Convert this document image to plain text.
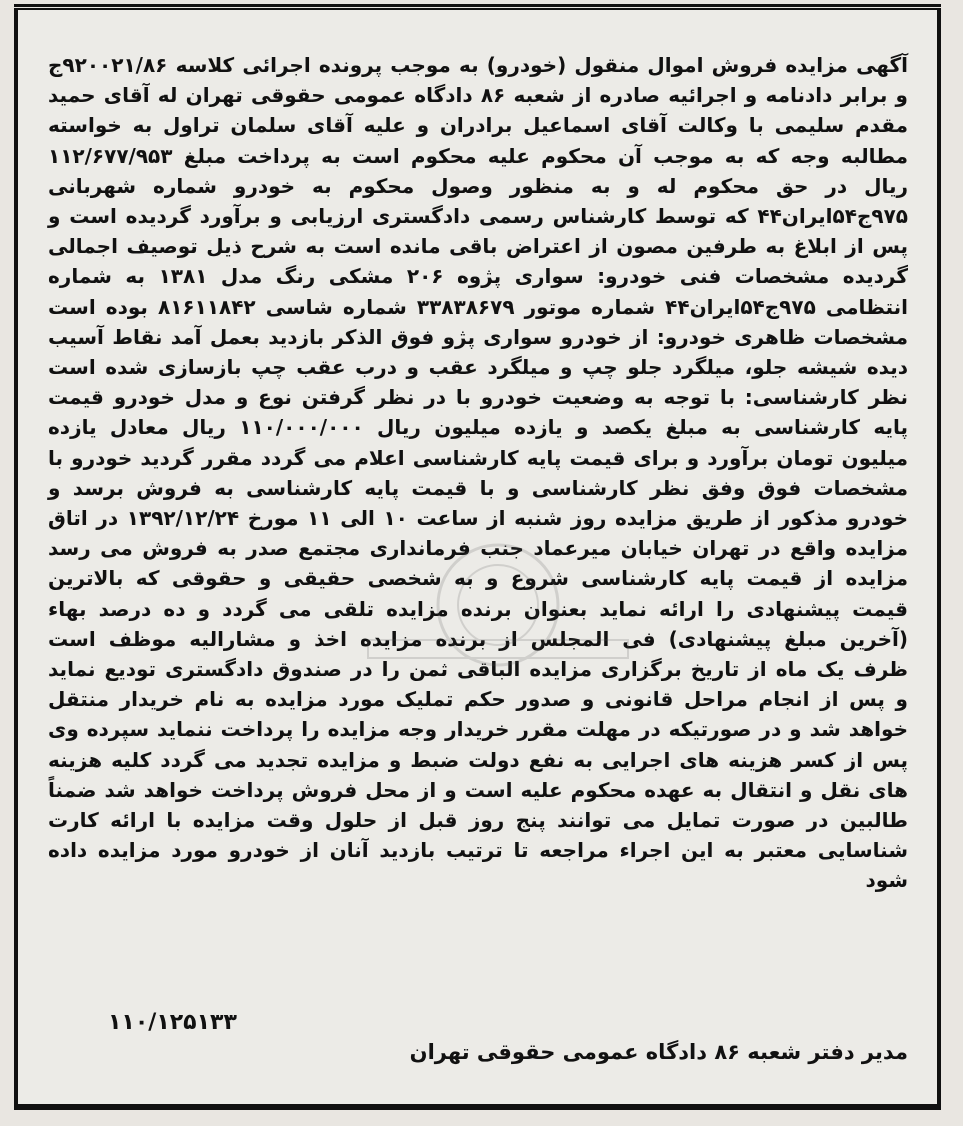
آگهی مزایده فروش اموال منقول (خودرو) به موجب پرونده اجرائی کلاسه ۹۲۰۰۲۱/۸۶ج و برابر دادنامه و اجرائیه صادره از شعبه ۸۶ دادگاه عمومی حقوقی تهران له آقای حمید مقدم سلیمی با وکالت آقای اسماعیل برادران و علیه آقای سلمان تراول به خواسته مطالبه وجه که به موجب آن محکوم علیه محکوم است به پرداخت مبلغ ۱۱۲/۶۷۷/۹۵۳ ریال در حق محکوم له و به منظور وصول محکوم به خودرو شماره شهربانی ۹۷۵ج۵۴ایران۴۴ که توسط کارشناس رسمی دادگستری ارزیابی و برآورد گردیده است و پس از ابلاغ به طرفین مصون از اعتراض باقی مانده است به شرح ذیل توصیف اجمالی گردیده مشخصات فنی خودرو: سواری پژوه ۲۰۶ مشکی رنگ مدل ۱۳۸۱ به شماره انتظامی ۹۷۵ج۵۴ایران۴۴ شماره موتور ۳۳۸۳۸۶۷۹ شماره شاسی ۸۱۶۱۱۸۴۲ بوده است مشخصات ظاهری خودرو: از خودرو سواری پژو فوق الذکر بازدید بعمل آمد نقاط آسیب دیده شیشه جلو، میلگرد جلو چپ و میلگرد عقب و درب عقب چپ بازسازی شده است نظر کارشناسی: با توجه به وضعیت خودرو با در نظر گرفتن نوع و مدل خودرو قیمت پایه کارشناسی به مبلغ یکصد و یازده میلیون ریال ۱۱۰/۰۰۰/۰۰۰ ریال معادل یازده میلیون تومان برآورد و برای قیمت پایه کارشناسی اعلام می گردد مقرر گردید خودرو با مشخصات فوق وفق نظر کارشناسی و با قیمت پایه کارشناسی به فروش برسد و خودرو مذکور از طریق مزایده روز شنبه از ساعت ۱۰ الی ۱۱ مورخ ۱۳۹۲/۱۲/۲۴ در اتاق مزایده واقع در تهران خیابان میرعماد جنب فرمانداری مجتمع صدر به فروش می رسد مزایده از قیمت پایه کارشناسی شروع و به شخصی حقیقی و حقوقی که بالاترین قیمت پیشنهادی را ارائه نماید بعنوان برنده مزایده تلقی می گردد و ده درصد بهاء (آخرین مبلغ پیشنهادی) فی المجلس از برنده مزایده اخذ و مشارالیه موظف است ظرف یک ماه از تاریخ برگزاری مزایده الباقی ثمن را در صندوق دادگستری تودیع نماید و پس از انجام مراحل قانونی و صدور حکم تملیک مورد مزایده به نام خریدار منتقل خواهد شد و در صورتیکه در مهلت مقرر خریدار وجه مزایده را پرداخت ننماید سپرده وی پس از کسر هزینه های اجرایی به نفع دولت ضبط و مزایده تجدید می گردد کلیه هزینه های نقل و انتقال به عهده محکوم علیه است و از محل فروش پرداخت خواهد شد ضمناً طالبین در صورت تمایل می توانند پنج روز قبل از حلول وقت مزایده با ارائه کارت شناسایی معتبر به این اجراء مراجعه تا ترتیب بازدید آنان از خودرو مورد مزایده داده شود

۱۱۰/۱۲۵۱۳۳
مدیر دفتر شعبه ۸۶ دادگاه عمومی حقوقی تهران
